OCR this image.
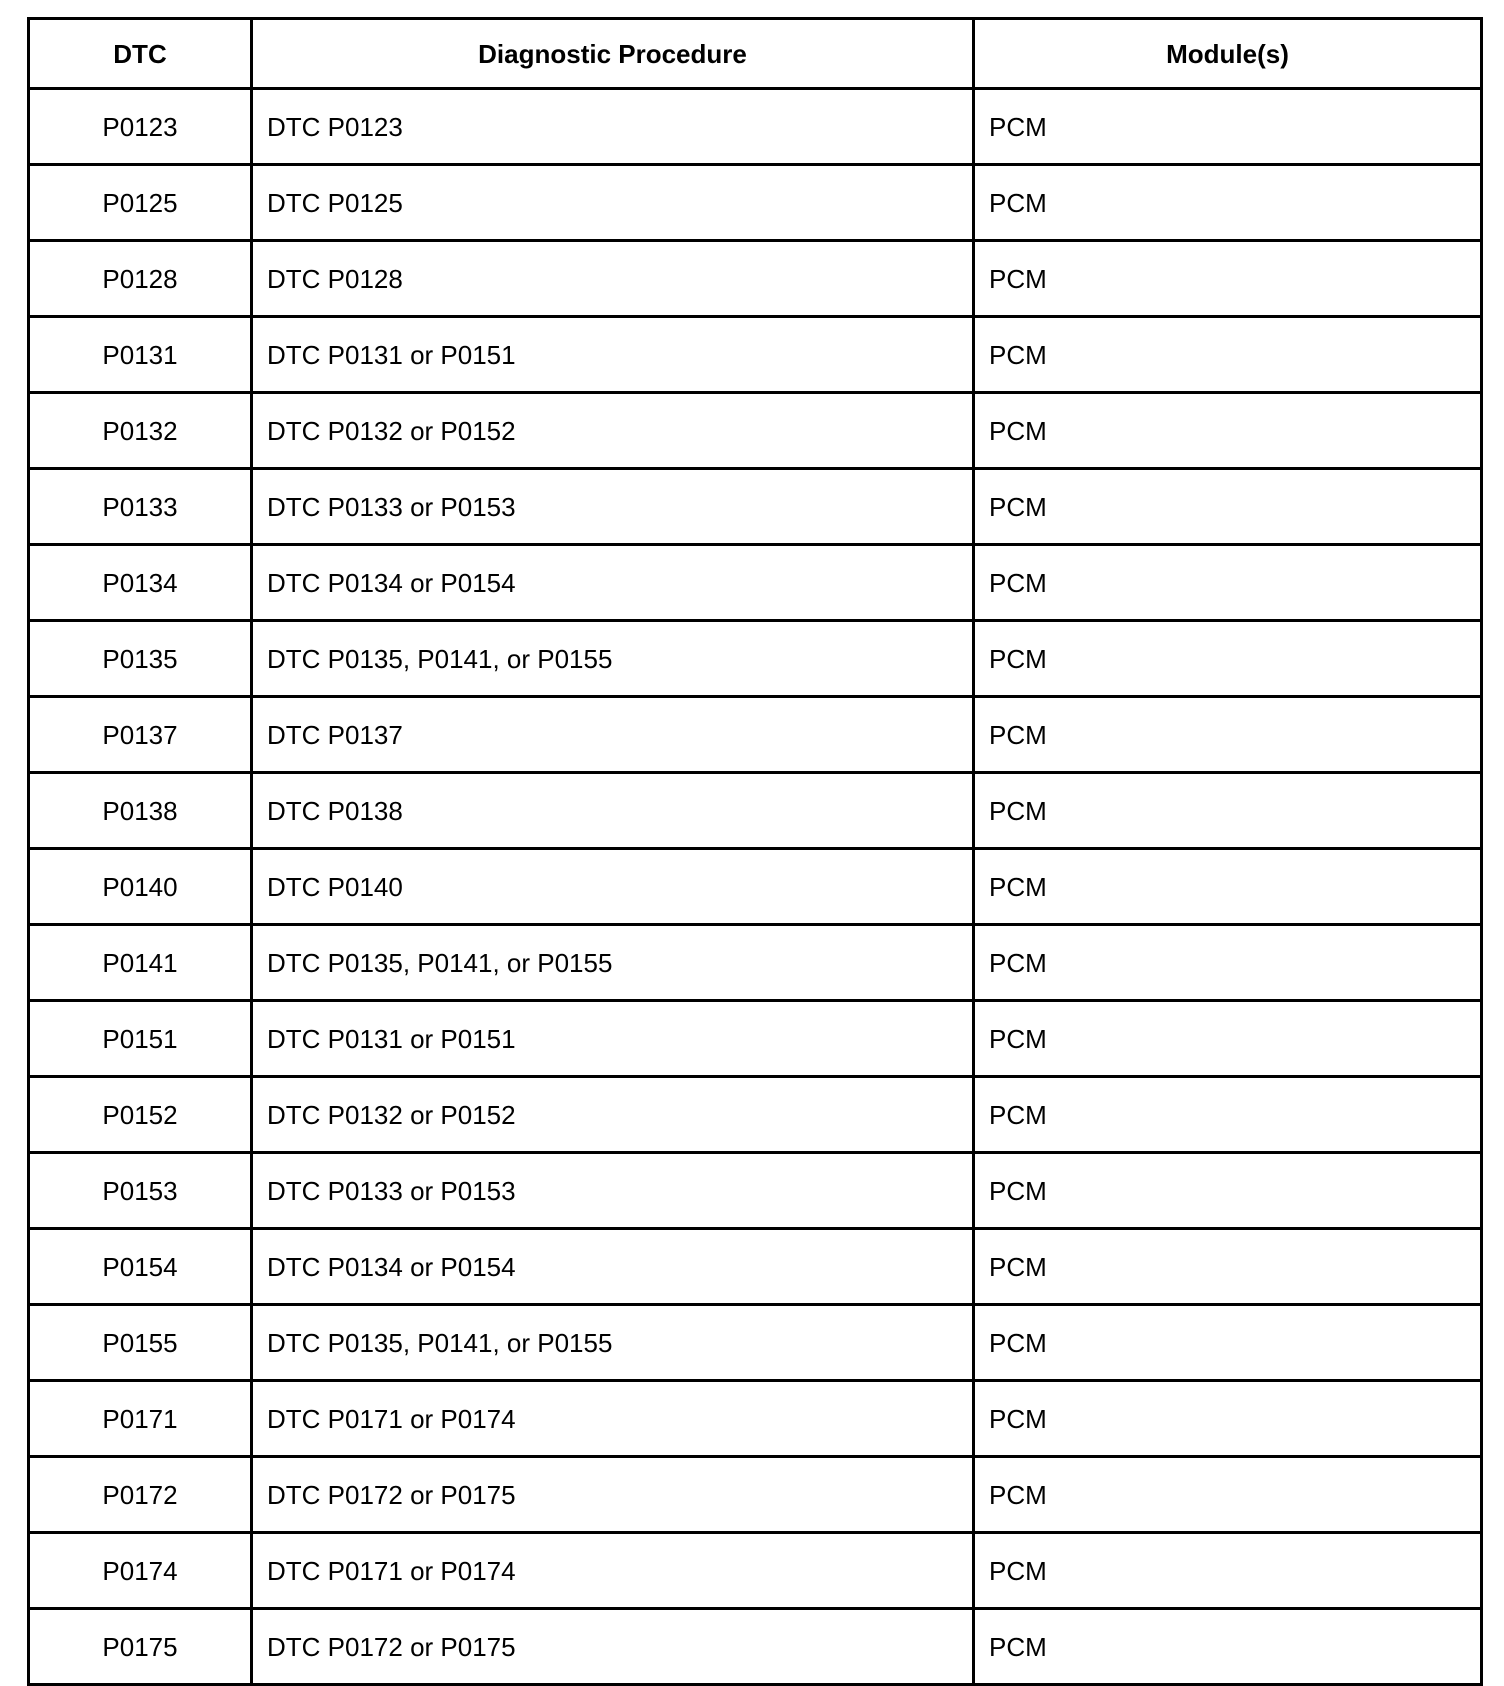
DTC	Diagnostic Procedure	Module(s)
P0123	DTC P0123	PCM
P0125	DTC P0125	PCM
P0128	DTC P0128	PCM
P0131	DTC P0131 or P0151	PCM
P0132	DTC P0132 or P0152	PCM
P0133	DTC P0133 or P0153	PCM
P0134	DTC P0134 or P0154	PCM
P0135	DTC P0135, P0141, or P0155	PCM
P0137	DTC P0137	PCM
P0138	DTC P0138	PCM
P0140	DTC P0140	PCM
P0141	DTC P0135, P0141, or P0155	PCM
P0151	DTC P0131 or P0151	PCM
P0152	DTC P0132 or P0152	PCM
P0153	DTC P0133 or P0153	PCM
P0154	DTC P0134 or P0154	PCM
P0155	DTC P0135, P0141, or P0155	PCM
P0171	DTC P0171 or P0174	PCM
P0172	DTC P0172 or P0175	PCM
P0174	DTC P0171 or P0174	PCM
P0175	DTC P0172 or P0175	PCM
